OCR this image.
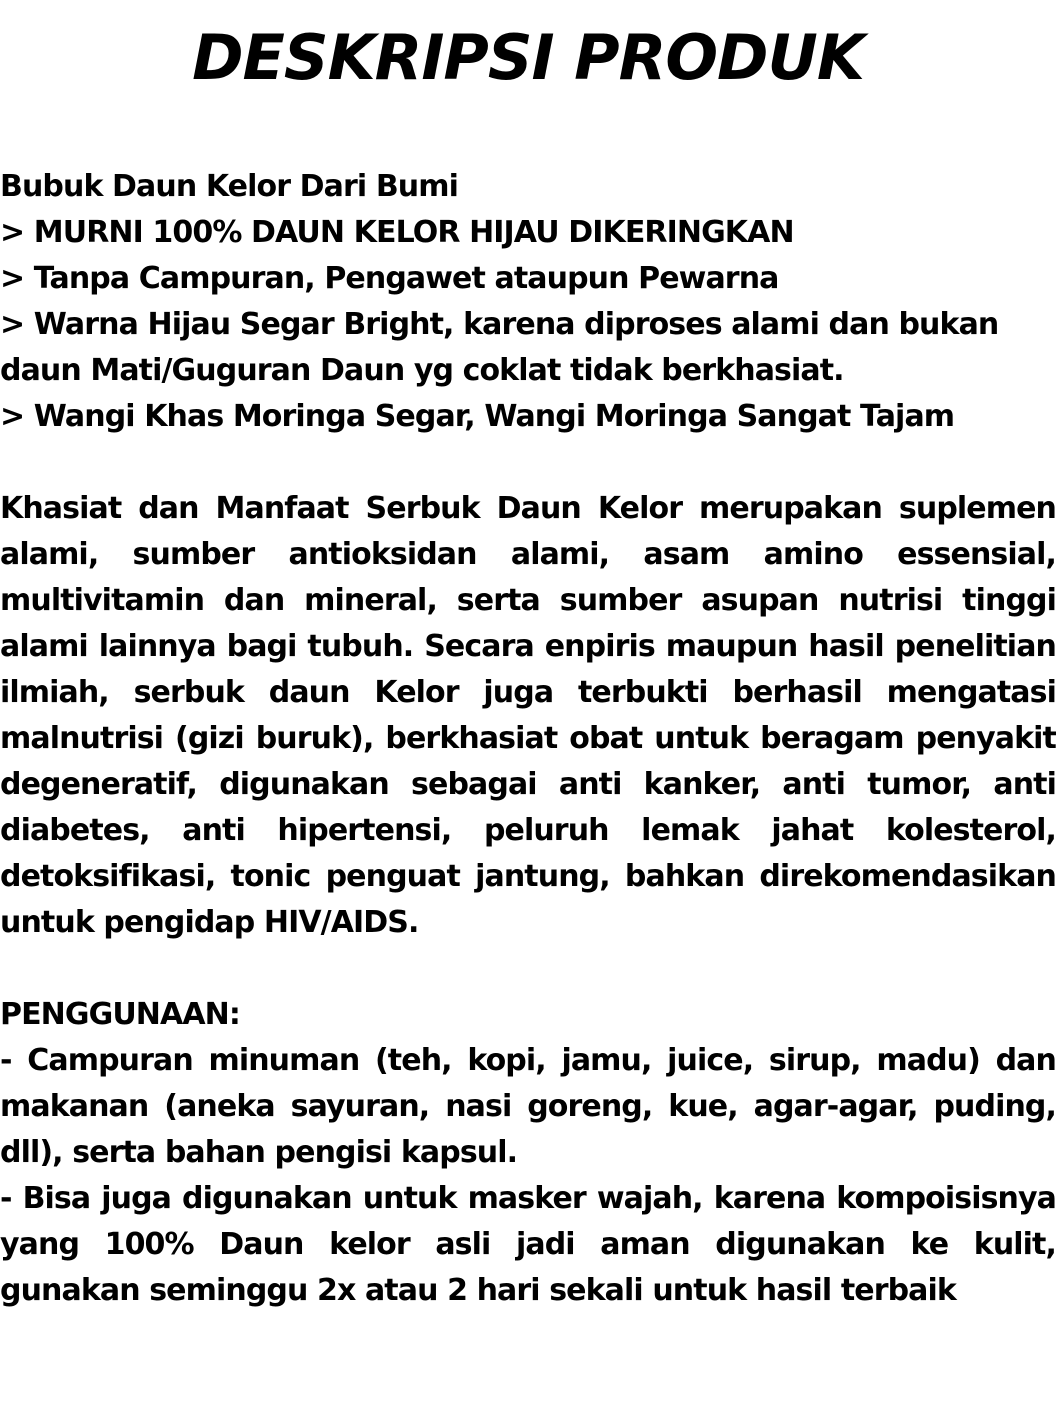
DESKRIPSI PRODUK

Bubuk Daun Kelor Dari Bumi

> MURNI 100% DAUN KELOR HIJAU DIKERINGKAN

> Tanpa Campuran, Pengawet ataupun Pewarna

> Warna Hijau Segar Bright, karena diproses alami dan bukan daun Mati/Guguran Daun yg coklat tidak berkhasiat.

> Wangi Khas Moringa Segar, Wangi Moringa Sangat Tajam

Khasiat dan Manfaat Serbuk Daun Kelor merupakan suplemen alami, sumber antioksidan alami, asam amino essensial, multivitamin dan mineral, serta sumber asupan nutrisi tinggi alami lainnya bagi tubuh. Secara enpiris maupun hasil penelitian ilmiah, serbuk daun Kelor juga terbukti berhasil mengatasi malnutrisi (gizi buruk), berkhasiat obat untuk beragam penyakit degeneratif, digunakan sebagai anti kanker, anti tumor, anti diabetes, anti hipertensi, peluruh lemak jahat kolesterol, detoksifikasi, tonic penguat jantung, bahkan direkomendasikan untuk pengidap HIV/AIDS.

PENGGUNAAN:

- Campuran minuman (teh, kopi, jamu, juice, sirup, madu) dan makanan (aneka sayuran, nasi goreng, kue, agar-agar, puding, dll), serta bahan pengisi kapsul.

- Bisa juga digunakan untuk masker wajah, karena kompoisisnya yang 100% Daun kelor asli jadi aman digunakan ke kulit, gunakan seminggu 2x atau 2 hari sekali untuk hasil terbaik
